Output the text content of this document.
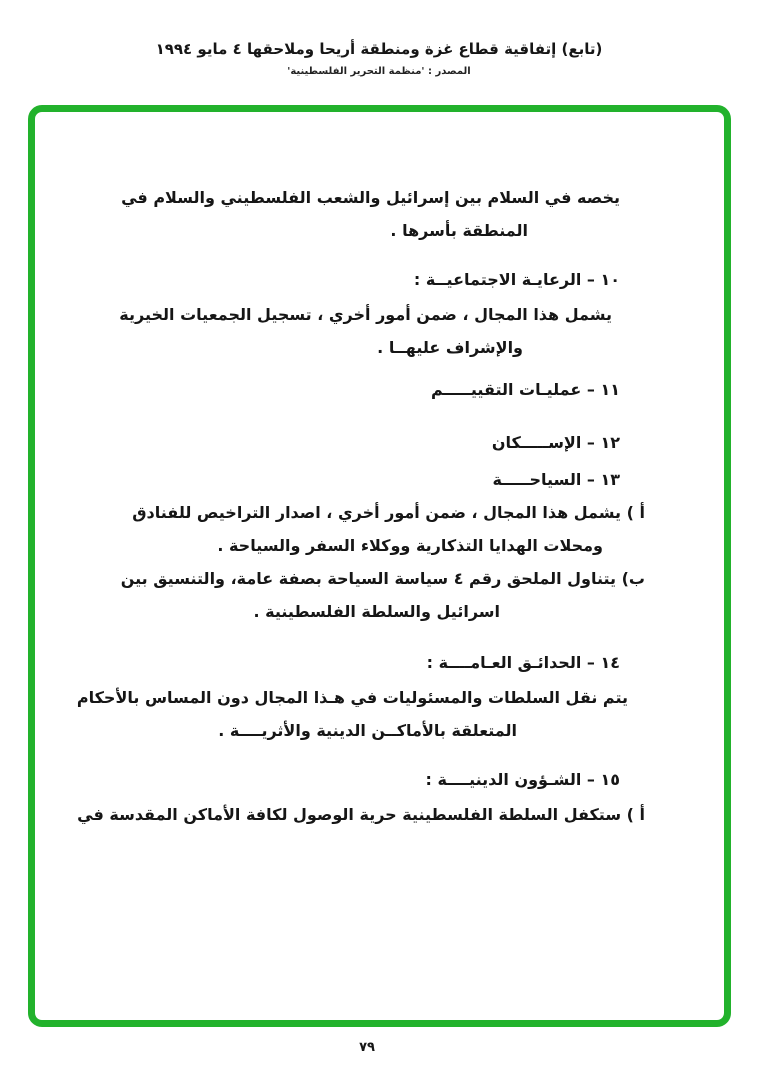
(تابع) إتفاقية قطاع غزة ومنطقة أريحا وملاحقها ٤ مايو ١٩٩٤
المصدر : 'منظمة التحرير الفلسطينية'
يخصه في السلام بين إسرائيل والشعب الفلسطيني والسلام في
المنطقة بأسرها .
١٠ – الرعايـة الاجتماعيــة :
يشمل هذا المجال ، ضمن أمور أخري ، تسجيل الجمعيات الخيرية
والإشراف عليهــا .
١١ – عمليـات التقييـــــم
١٢ – الإســـــكان
١٣ – السياحـــــة
أ ) يشمل هذا المجال ، ضمن أمور أخري ، اصدار التراخيص للفنادق
ومحلات الهدايا التذكارية ووكلاء السفر والسياحة .
ب) يتناول الملحق رقم ٤ سياسة السياحة بصفة عامة، والتنسيق بين
اسرائيل والسلطة الفلسطينية .
١٤ – الحدائـق العـامــــة :
يتم نقل السلطات والمسئوليات في هـذا المجال دون المساس بالأحكام
المتعلقة بالأماكــن الدينية والأثريــــة .
١٥ – الشـؤون الدينيــــة :
أ ) ستكفل السلطة الفلسطينية حرية الوصول لكافة الأماكن المقدسة في
٧٩
